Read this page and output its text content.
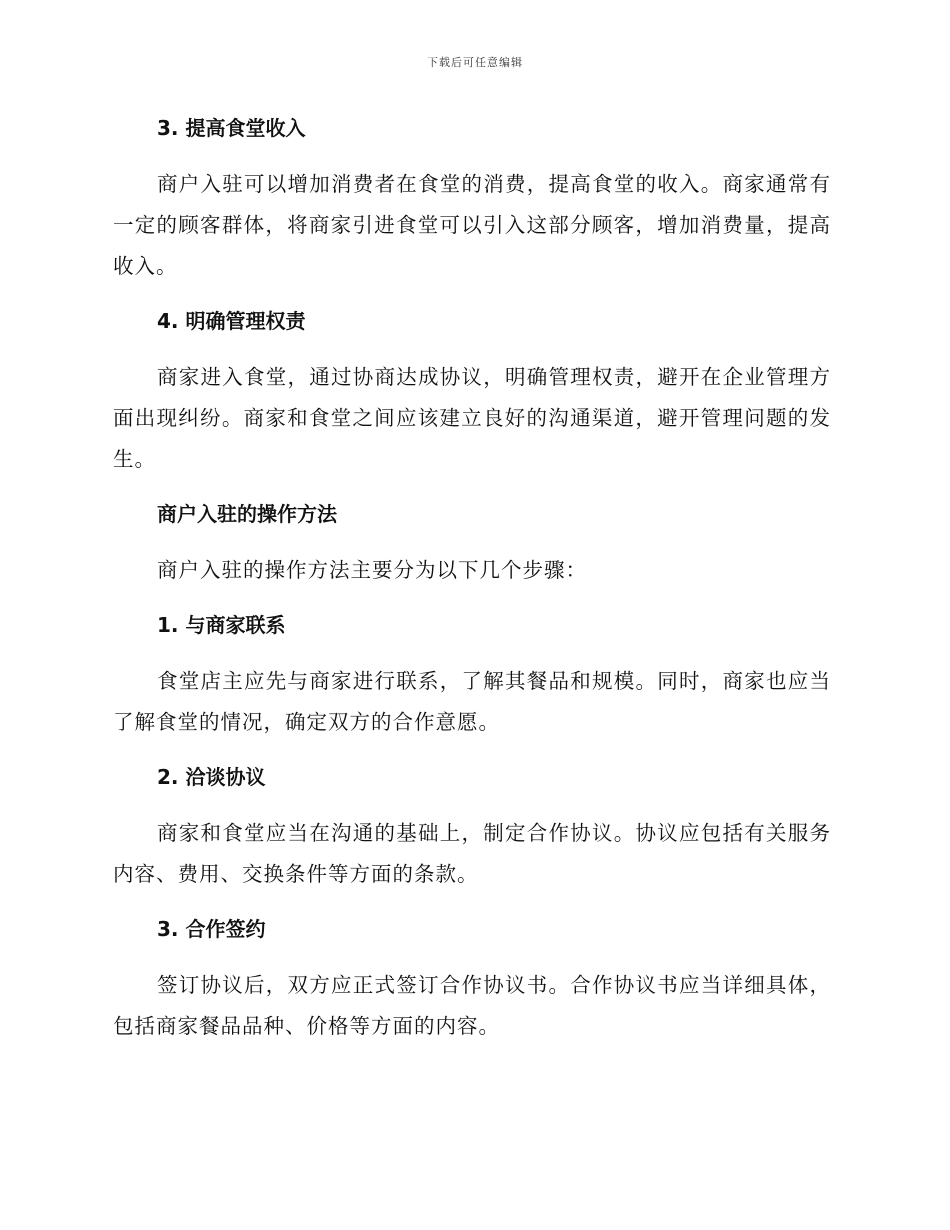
下载后可任意编辑
3. 提高食堂收入

商户入驻可以增加消费者在食堂的消费，提高食堂的收入。商家通常有一定的顾客群体，将商家引进食堂可以引入这部分顾客，增加消费量，提高收入。

4. 明确管理权责

商家进入食堂，通过协商达成协议，明确管理权责，避开在企业管理方面出现纠纷。商家和食堂之间应该建立良好的沟通渠道，避开管理问题的发生。

商户入驻的操作方法

商户入驻的操作方法主要分为以下几个步骤：

1. 与商家联系

食堂店主应先与商家进行联系，了解其餐品和规模。同时，商家也应当了解食堂的情况，确定双方的合作意愿。

2. 洽谈协议

商家和食堂应当在沟通的基础上，制定合作协议。协议应包括有关服务内容、费用、交换条件等方面的条款。

3. 合作签约

签订协议后，双方应正式签订合作协议书。合作协议书应当详细具体，包括商家餐品品种、价格等方面的内容。
